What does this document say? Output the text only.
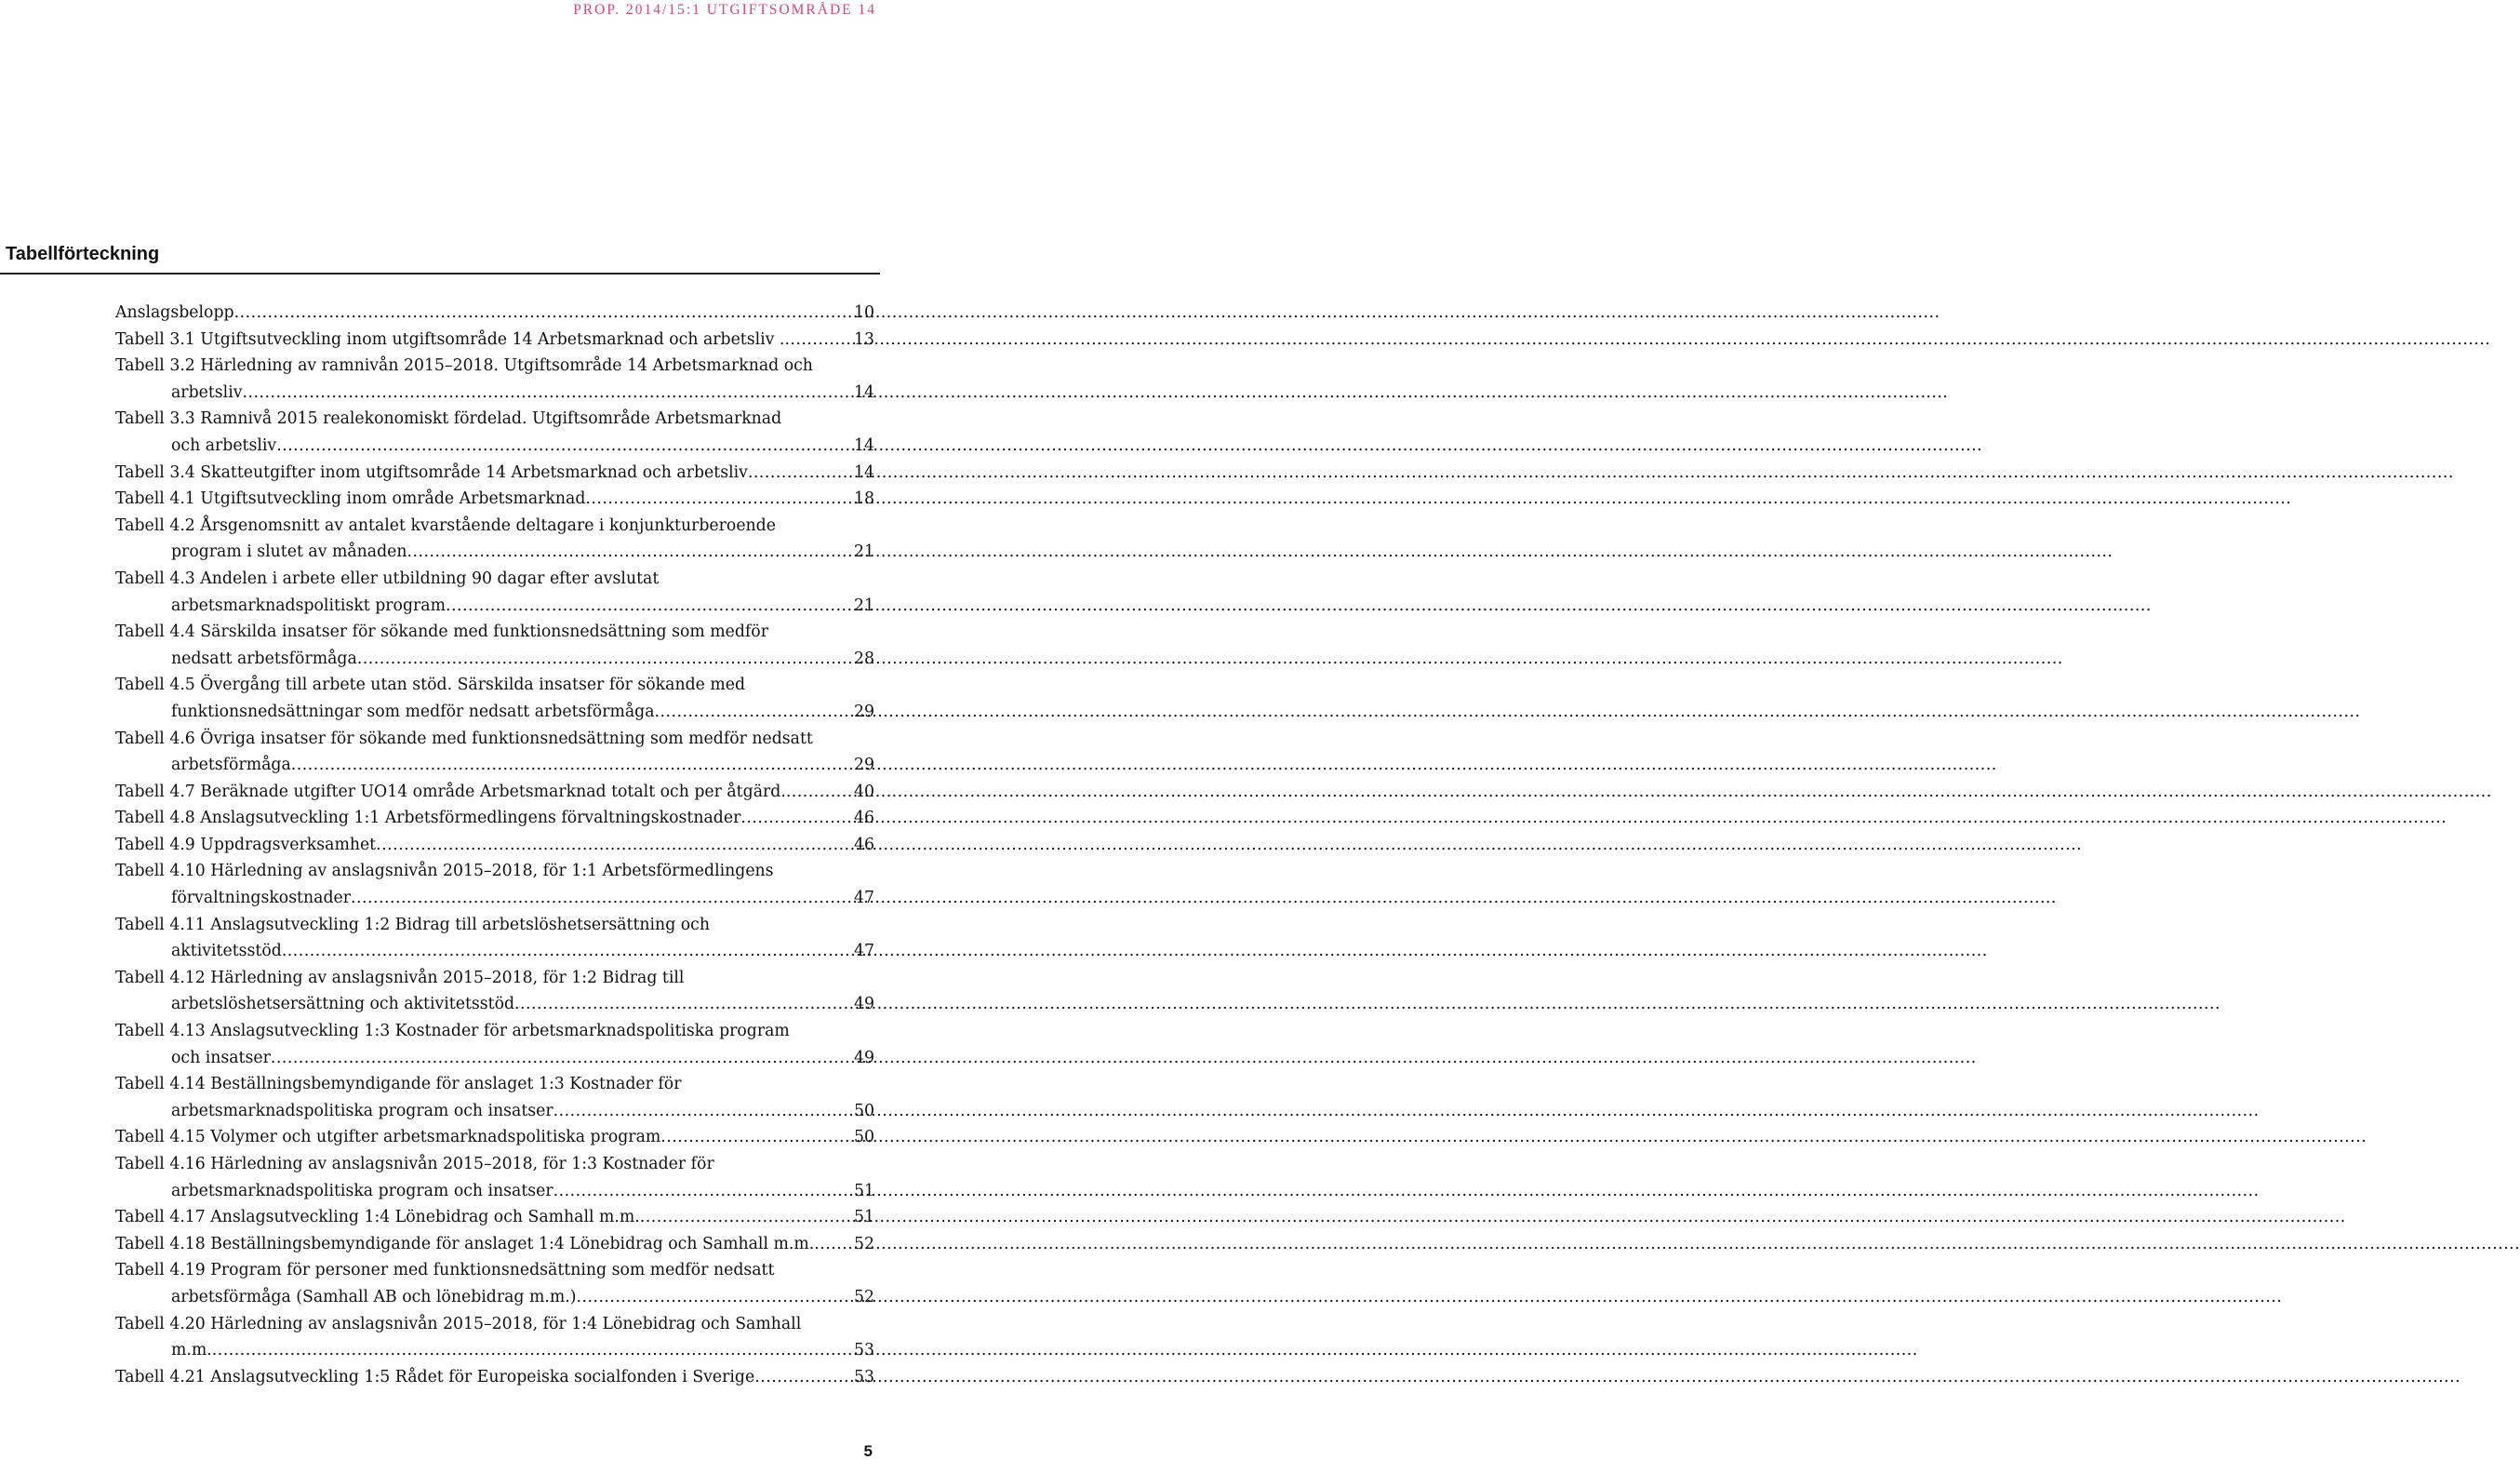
PROP. 2014/15:1 UTGIFTSOMRÅDE 14
Tabellförteckning
Anslagsbelopp .....	10
Tabell 3.1 Utgiftsutveckling inom utgiftsområde 14 Arbetsmarknad och arbetsliv . .....	13
Tabell 3.2 Härledning av ramnivån 2015–2018. Utgiftsområde 14 Arbetsmarknad och
arbetsliv .....	14
Tabell 3.3 Ramnivå 2015 realekonomiskt fördelad. Utgiftsområde Arbetsmarknad
och arbetsliv .....	14
Tabell 3.4 Skatteutgifter inom utgiftsområde 14 Arbetsmarknad och arbetsliv .....	14
Tabell 4.1 Utgiftsutveckling inom område Arbetsmarknad .....	18
Tabell 4.2 Årsgenomsnitt av antalet kvarstående deltagare i konjunkturberoende
program i slutet av månaden .....	21
Tabell 4.3 Andelen i arbete eller utbildning 90 dagar efter avslutat
arbetsmarknadspolitiskt program .....	21
Tabell 4.4 Särskilda insatser för sökande med funktionsnedsättning som medför
nedsatt arbetsförmåga .....	28
Tabell 4.5 Övergång till arbete utan stöd. Särskilda insatser för sökande med
funktionsnedsättningar som medför nedsatt arbetsförmåga .....	29
Tabell 4.6 Övriga insatser för sökande med funktionsnedsättning som medför nedsatt
arbetsförmåga .....	29
Tabell 4.7 Beräknade utgifter UO14 område Arbetsmarknad totalt och per åtgärd. .....	40
Tabell 4.8 Anslagsutveckling 1:1 Arbetsförmedlingens förvaltningskostnader .....	46
Tabell 4.9 Uppdragsverksamhet .....	46
Tabell 4.10 Härledning av anslagsnivån 2015–2018, för 1:1 Arbetsförmedlingens
förvaltningskostnader .....	47
Tabell 4.11 Anslagsutveckling 1:2 Bidrag till arbetslöshetsersättning och
aktivitetsstöd .....	47
Tabell 4.12 Härledning av anslagsnivån 2015–2018, för 1:2 Bidrag till
arbetslöshetsersättning och aktivitetsstöd .....	49
Tabell 4.13 Anslagsutveckling 1:3 Kostnader för arbetsmarknadspolitiska program
och insatser .....	49
Tabell 4.14 Beställningsbemyndigande för anslaget 1:3 Kostnader för
arbetsmarknadspolitiska program och insatser .....	50
Tabell 4.15 Volymer och utgifter arbetsmarknadspolitiska program .....	50
Tabell 4.16 Härledning av anslagsnivån 2015–2018, för 1:3 Kostnader för
arbetsmarknadspolitiska program och insatser .....	51
Tabell 4.17 Anslagsutveckling 1:4 Lönebidrag och Samhall m.m. .....	51
Tabell 4.18 Beställningsbemyndigande för anslaget 1:4 Lönebidrag och Samhall m.m. ..... 52
Tabell 4.19 Program för personer med funktionsnedsättning som medför nedsatt
arbetsförmåga (Samhall AB och lönebidrag m.m.) .....	52
Tabell 4.20 Härledning av anslagsnivån 2015–2018, för 1:4 Lönebidrag och Samhall
m.m. .....	53
Tabell 4.21 Anslagsutveckling 1:5 Rådet för Europeiska socialfonden i Sverige .....	53
5
